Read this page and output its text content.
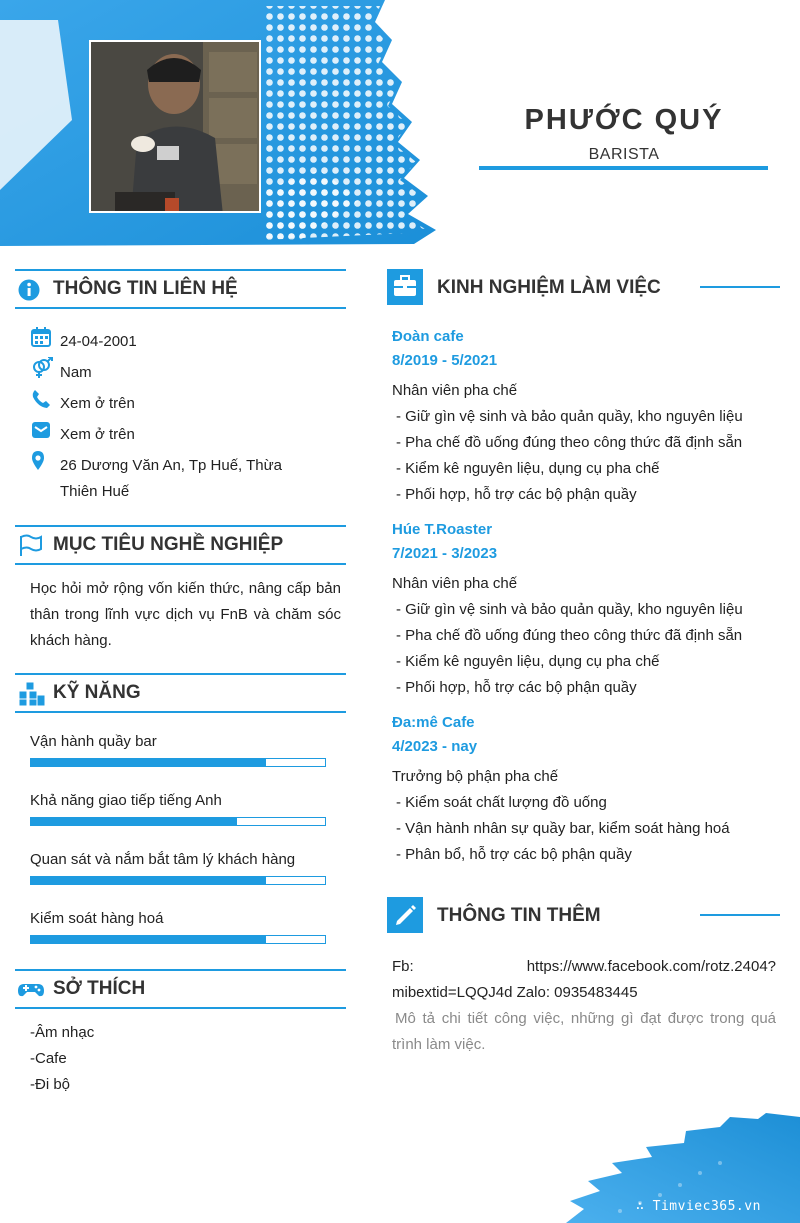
PHƯỚC QUÝ
BARISTA
THÔNG TIN LIÊN HỆ
24-04-2001
Nam
Xem ở trên
Xem ở trên
26 Dương Văn An, Tp Huế, Thừa
Thiên Huế
MỤC TIÊU NGHỀ NGHIỆP
Học hỏi mở rộng vốn kiến thức, nâng cấp bản thân trong lĩnh vực dịch vụ FnB và chăm sóc khách hàng.
KỸ NĂNG
Vận hành quầy bar
Khả năng giao tiếp tiếng Anh
Quan sát và nắm bắt tâm lý khách hàng
Kiểm soát hàng hoá
SỞ THÍCH
-Âm nhạc
-Cafe
-Đi bộ
KINH NGHIỆM LÀM VIỆC
Đoàn cafe
8/2019 - 5/2021
Nhân viên pha chế
- Giữ gìn vệ sinh và bảo quản quầy, kho nguyên liệu
- Pha chế đồ uống đúng theo công thức đã định sẵn
- Kiểm kê nguyên liệu, dụng cụ pha chế
- Phối hợp, hỗ trợ các bộ phận quầy
Húe T.Roaster
7/2021 - 3/2023
Nhân viên pha chế
- Giữ gìn vệ sinh và bảo quản quầy, kho nguyên liệu
- Pha chế đồ uống đúng theo công thức đã định sẵn
- Kiểm kê nguyên liệu, dụng cụ pha chế
- Phối hợp, hỗ trợ các bộ phận quầy
Đa:mê Cafe
4/2023 - nay
Trưởng bộ phận pha chế
- Kiểm soát chất lượng đồ uống
- Vận hành nhân sự quầy bar, kiểm soát hàng hoá
- Phân bổ, hỗ trợ các bộ phận quầy
THÔNG TIN THÊM
Fb:	https://www.facebook.com/rotz.2404?
mibextid=LQQJ4d Zalo: 0935483445
Mô tả chi tiết công việc, những gì đạt được trong quá trình làm việc.
∴ Timviec365.vn
